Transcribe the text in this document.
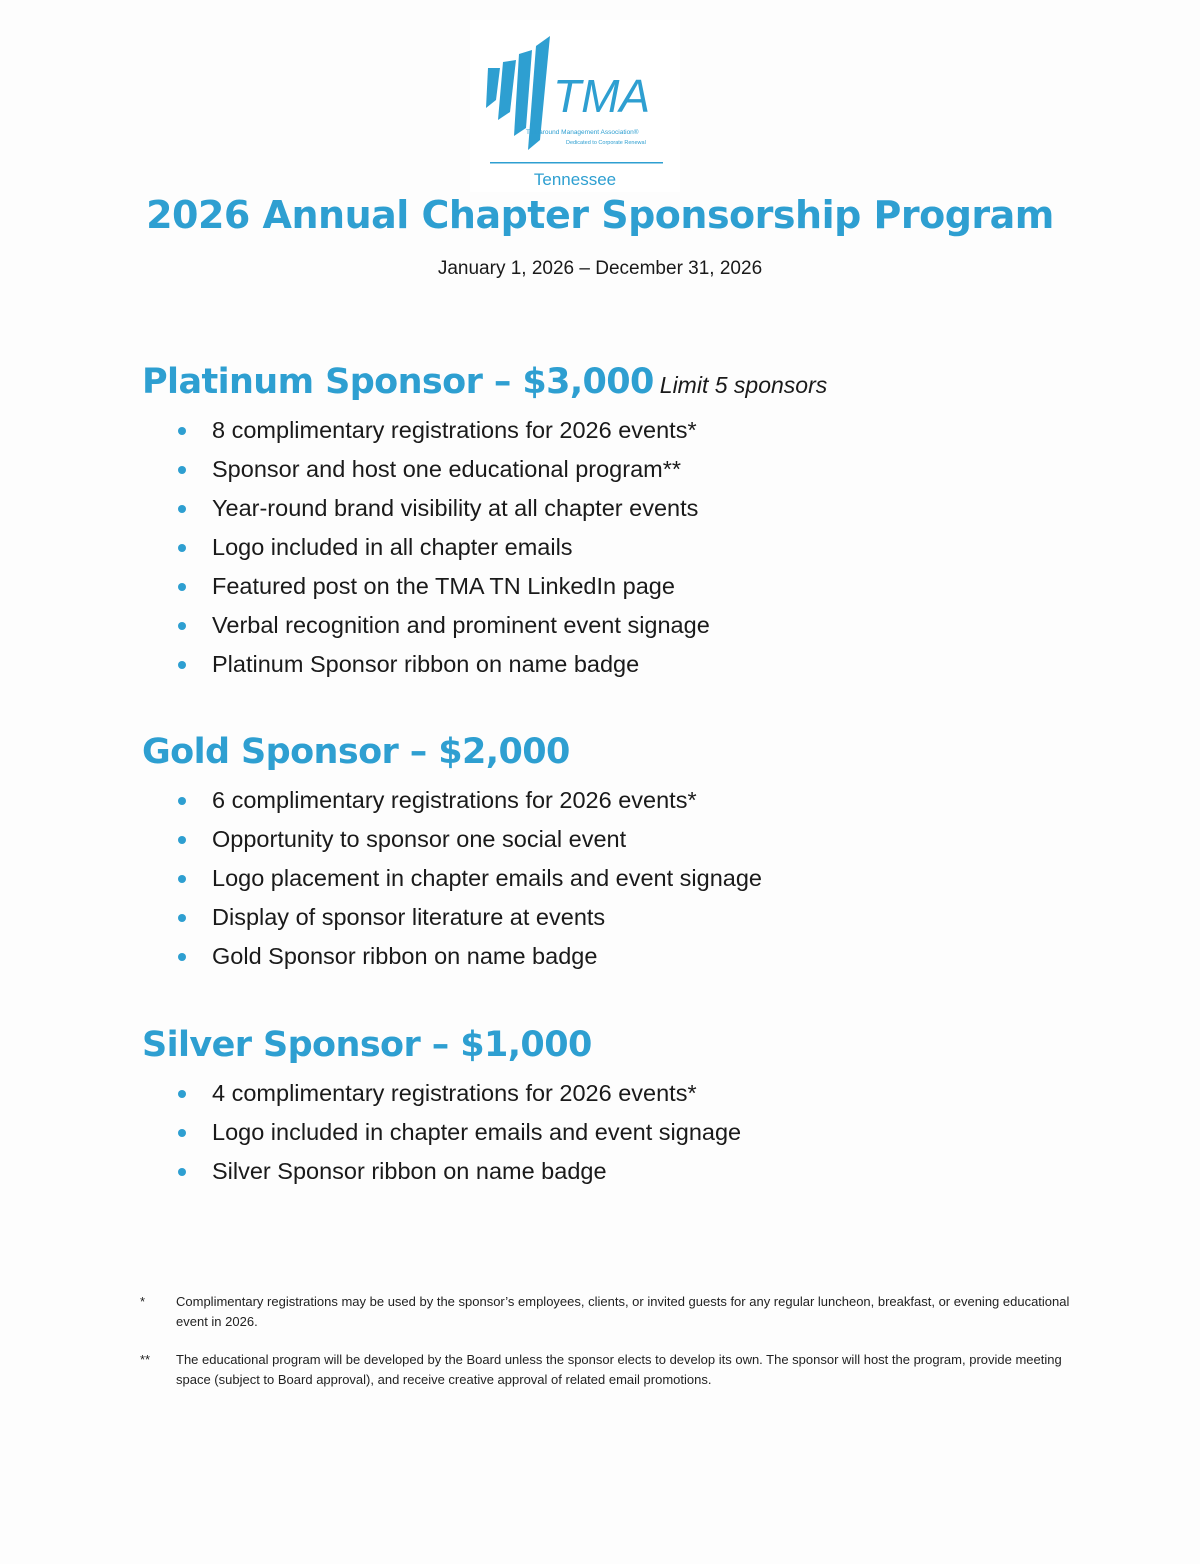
TMA
Turnaround Management Association®
Dedicated to Corporate Renewal
Tennessee
2026 Annual Chapter Sponsorship Program
January 1, 2026 – December 31, 2026
Platinum Sponsor – $3,000 Limit 5 sponsors
8 complimentary registrations for 2026 events*
Sponsor and host one educational program**
Year-round brand visibility at all chapter events
Logo included in all chapter emails
Featured post on the TMA TN LinkedIn page
Verbal recognition and prominent event signage
Platinum Sponsor ribbon on name badge
Gold Sponsor – $2,000
6 complimentary registrations for 2026 events*
Opportunity to sponsor one social event
Logo placement in chapter emails and event signage
Display of sponsor literature at events
Gold Sponsor ribbon on name badge
Silver Sponsor – $1,000
4 complimentary registrations for 2026 events*
Logo included in chapter emails and event signage
Silver Sponsor ribbon on name badge
* Complimentary registrations may be used by the sponsor’s employees, clients, or invited guests for any regular luncheon, breakfast, or evening educational event in 2026.
** The educational program will be developed by the Board unless the sponsor elects to develop its own. The sponsor will host the program, provide meeting space (subject to Board approval), and receive creative approval of related email promotions.
